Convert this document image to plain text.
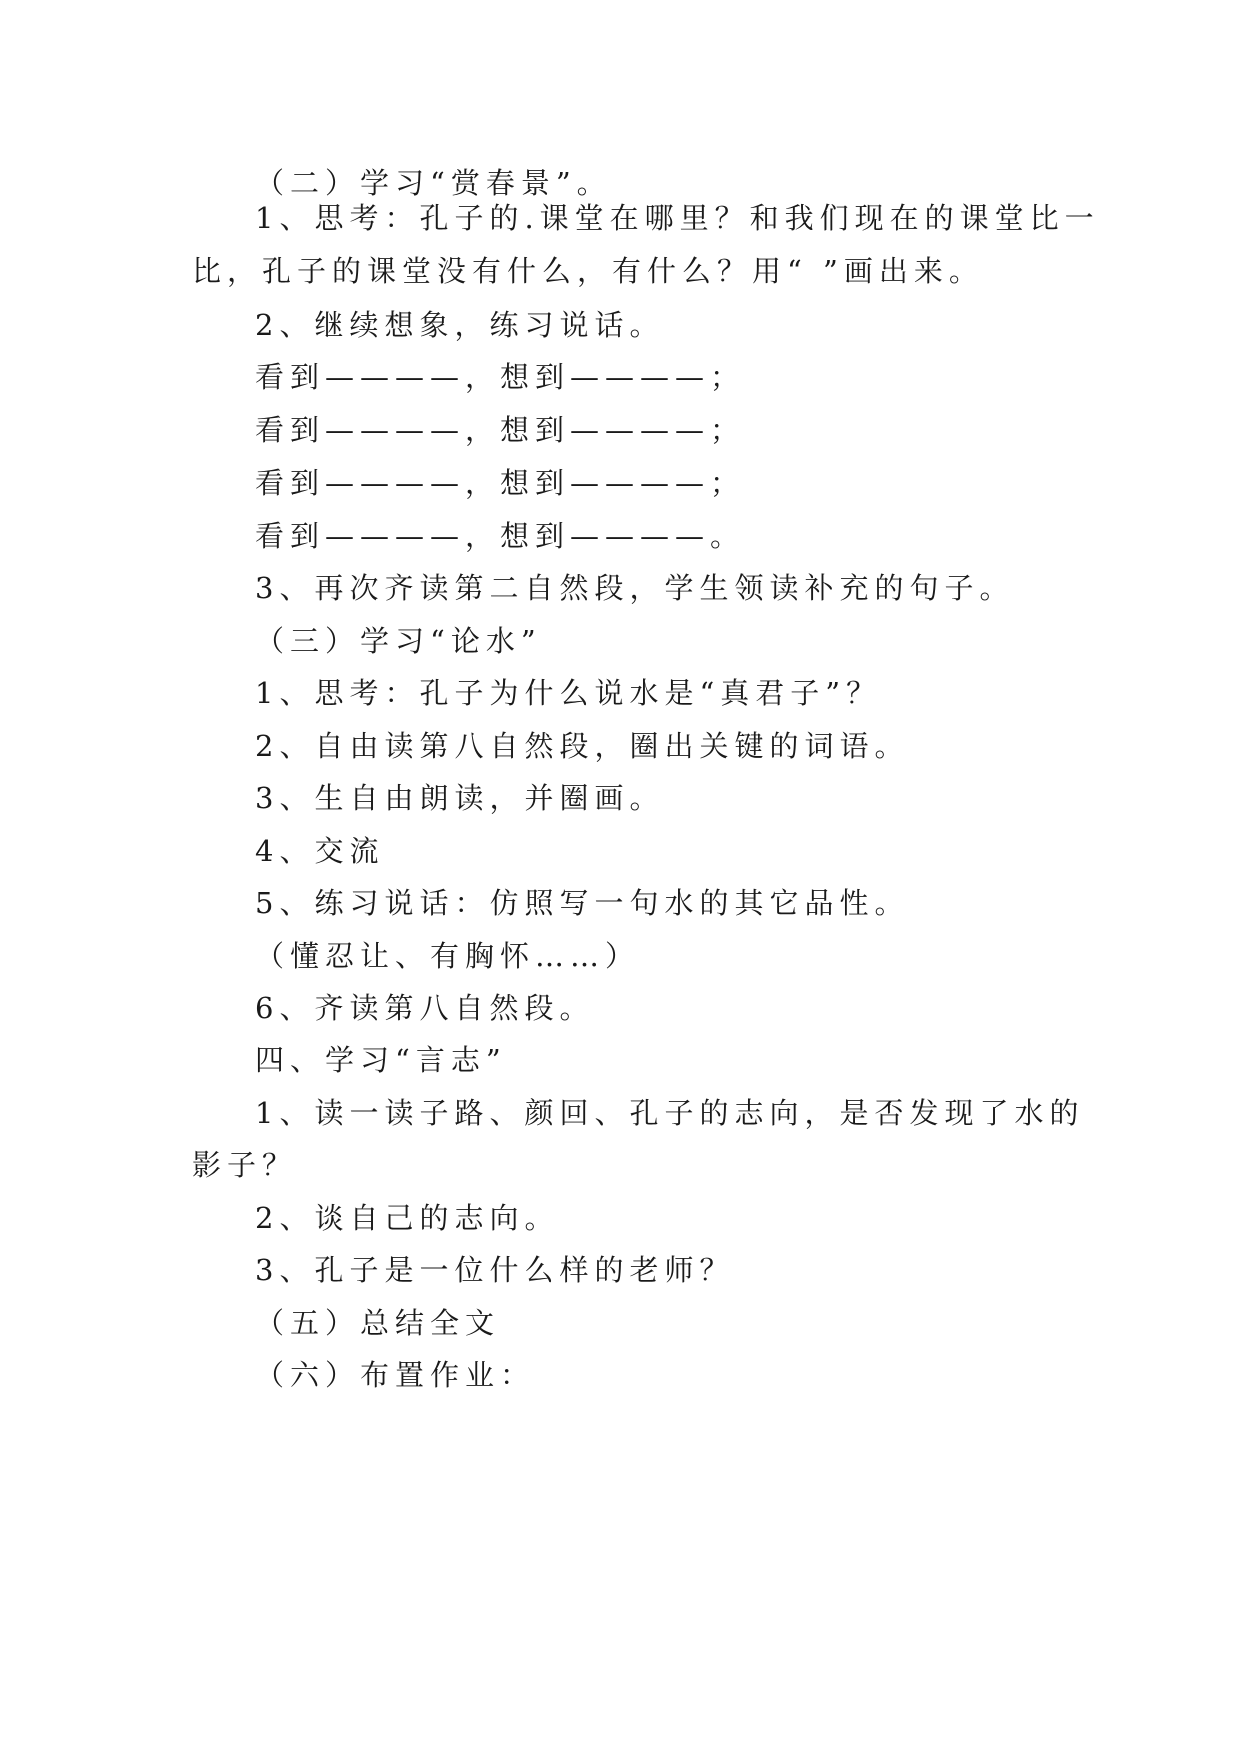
（二）学习“赏春景”。
1、思考：孔子的.课堂在哪里？和我们现在的课堂比一
比，孔子的课堂没有什么，有什么？用“ ”画出来。
2、继续想象，练习说话。
看到————，想到————；
看到————，想到————；
看到————，想到————；
看到————，想到————。
3、再次齐读第二自然段，学生领读补充的句子。
（三）学习“论水”
1、思考：孔子为什么说水是“真君子”？
2、自由读第八自然段，圈出关键的词语。
3、生自由朗读，并圈画。
4、交流
5、练习说话：仿照写一句水的其它品性。
（懂忍让、有胸怀……）
6、齐读第八自然段。
四、学习“言志”
1、读一读子路、颜回、孔子的志向，是否发现了水的
影子？
2、谈自己的志向。
3、孔子是一位什么样的老师？
（五）总结全文
（六）布置作业：
